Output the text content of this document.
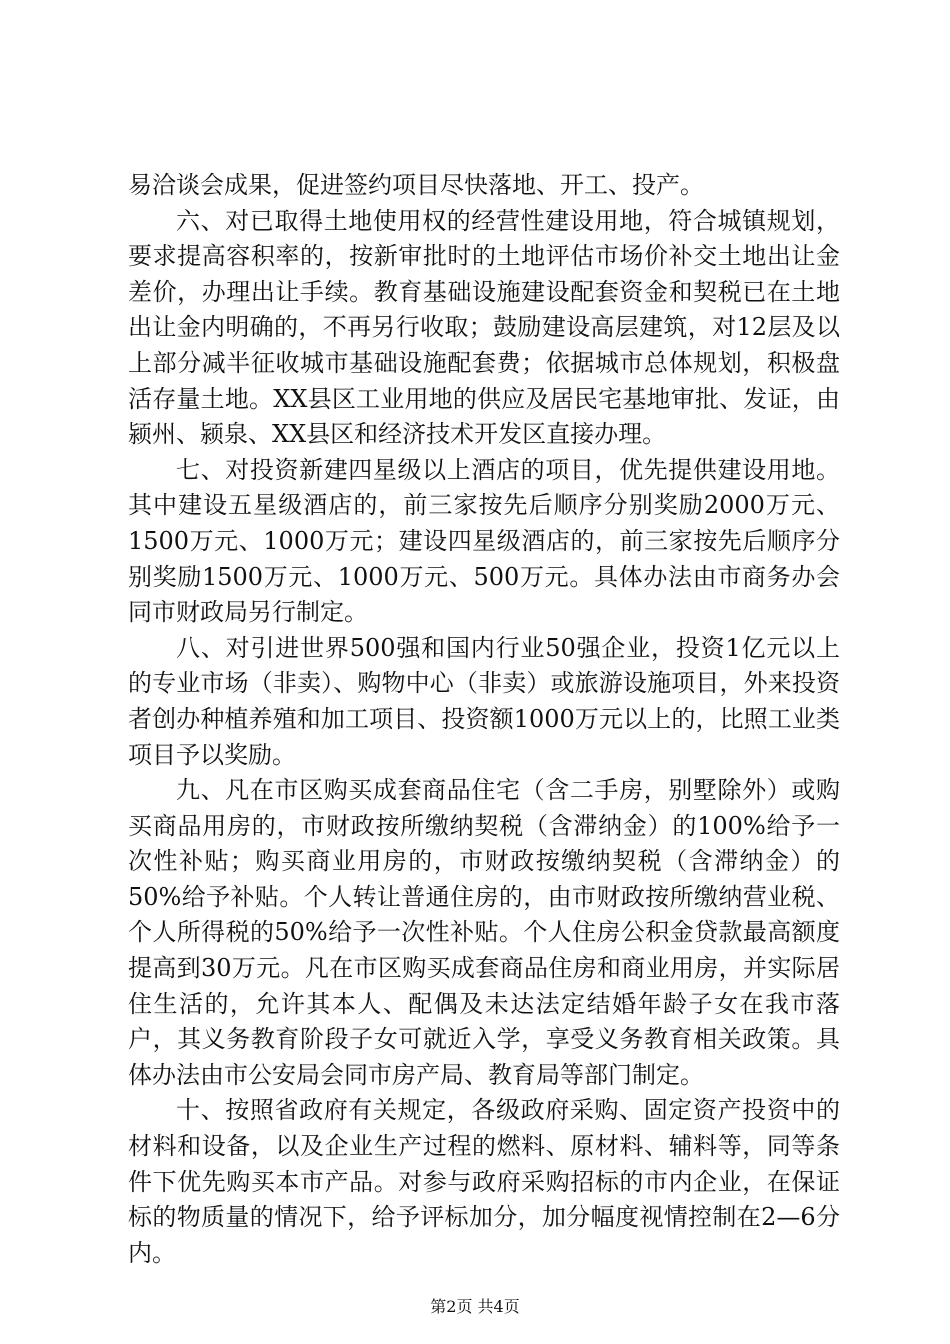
易洽谈会成果，促进签约项目尽快落地、开工、投产。

六、对已取得土地使用权的经营性建设用地，符合城镇规划，要求提高容积率的，按新审批时的土地评估市场价补交土地出让金差价，办理出让手续。教育基础设施建设配套资金和契税已在土地出让金内明确的，不再另行收取；鼓励建设高层建筑，对12层及以上部分减半征收城市基础设施配套费；依据城市总体规划，积极盘活存量土地。XX县区工业用地的供应及居民宅基地审批、发证，由颍州、颍泉、XX县区和经济技术开发区直接办理。

七、对投资新建四星级以上酒店的项目，优先提供建设用地。其中建设五星级酒店的，前三家按先后顺序分别奖励2000万元、1500万元、1000万元；建设四星级酒店的，前三家按先后顺序分别奖励1500万元、1000万元、500万元。具体办法由市商务办会同市财政局另行制定。

八、对引进世界500强和国内行业50强企业，投资1亿元以上的专业市场（非卖）、购物中心（非卖）或旅游设施项目，外来投资者创办种植养殖和加工项目、投资额1000万元以上的，比照工业类项目予以奖励。

九、凡在市区购买成套商品住宅（含二手房，别墅除外）或购买商品用房的，市财政按所缴纳契税（含滞纳金）的100%给予一次性补贴；购买商业用房的，市财政按缴纳契税（含滞纳金）的50%给予补贴。个人转让普通住房的，由市财政按所缴纳营业税、个人所得税的50%给予一次性补贴。个人住房公积金贷款最高额度提高到30万元。凡在市区购买成套商品住房和商业用房，并实际居住生活的，允许其本人、配偶及未达法定结婚年龄子女在我市落户，其义务教育阶段子女可就近入学，享受义务教育相关政策。具体办法由市公安局会同市房产局、教育局等部门制定。

十、按照省政府有关规定，各级政府采购、固定资产投资中的材料和设备，以及企业生产过程的燃料、原材料、辅料等，同等条件下优先购买本市产品。对参与政府采购招标的市内企业，在保证标的物质量的情况下，给予评标加分，加分幅度视情控制在2—6分内。

第2页 共4页
